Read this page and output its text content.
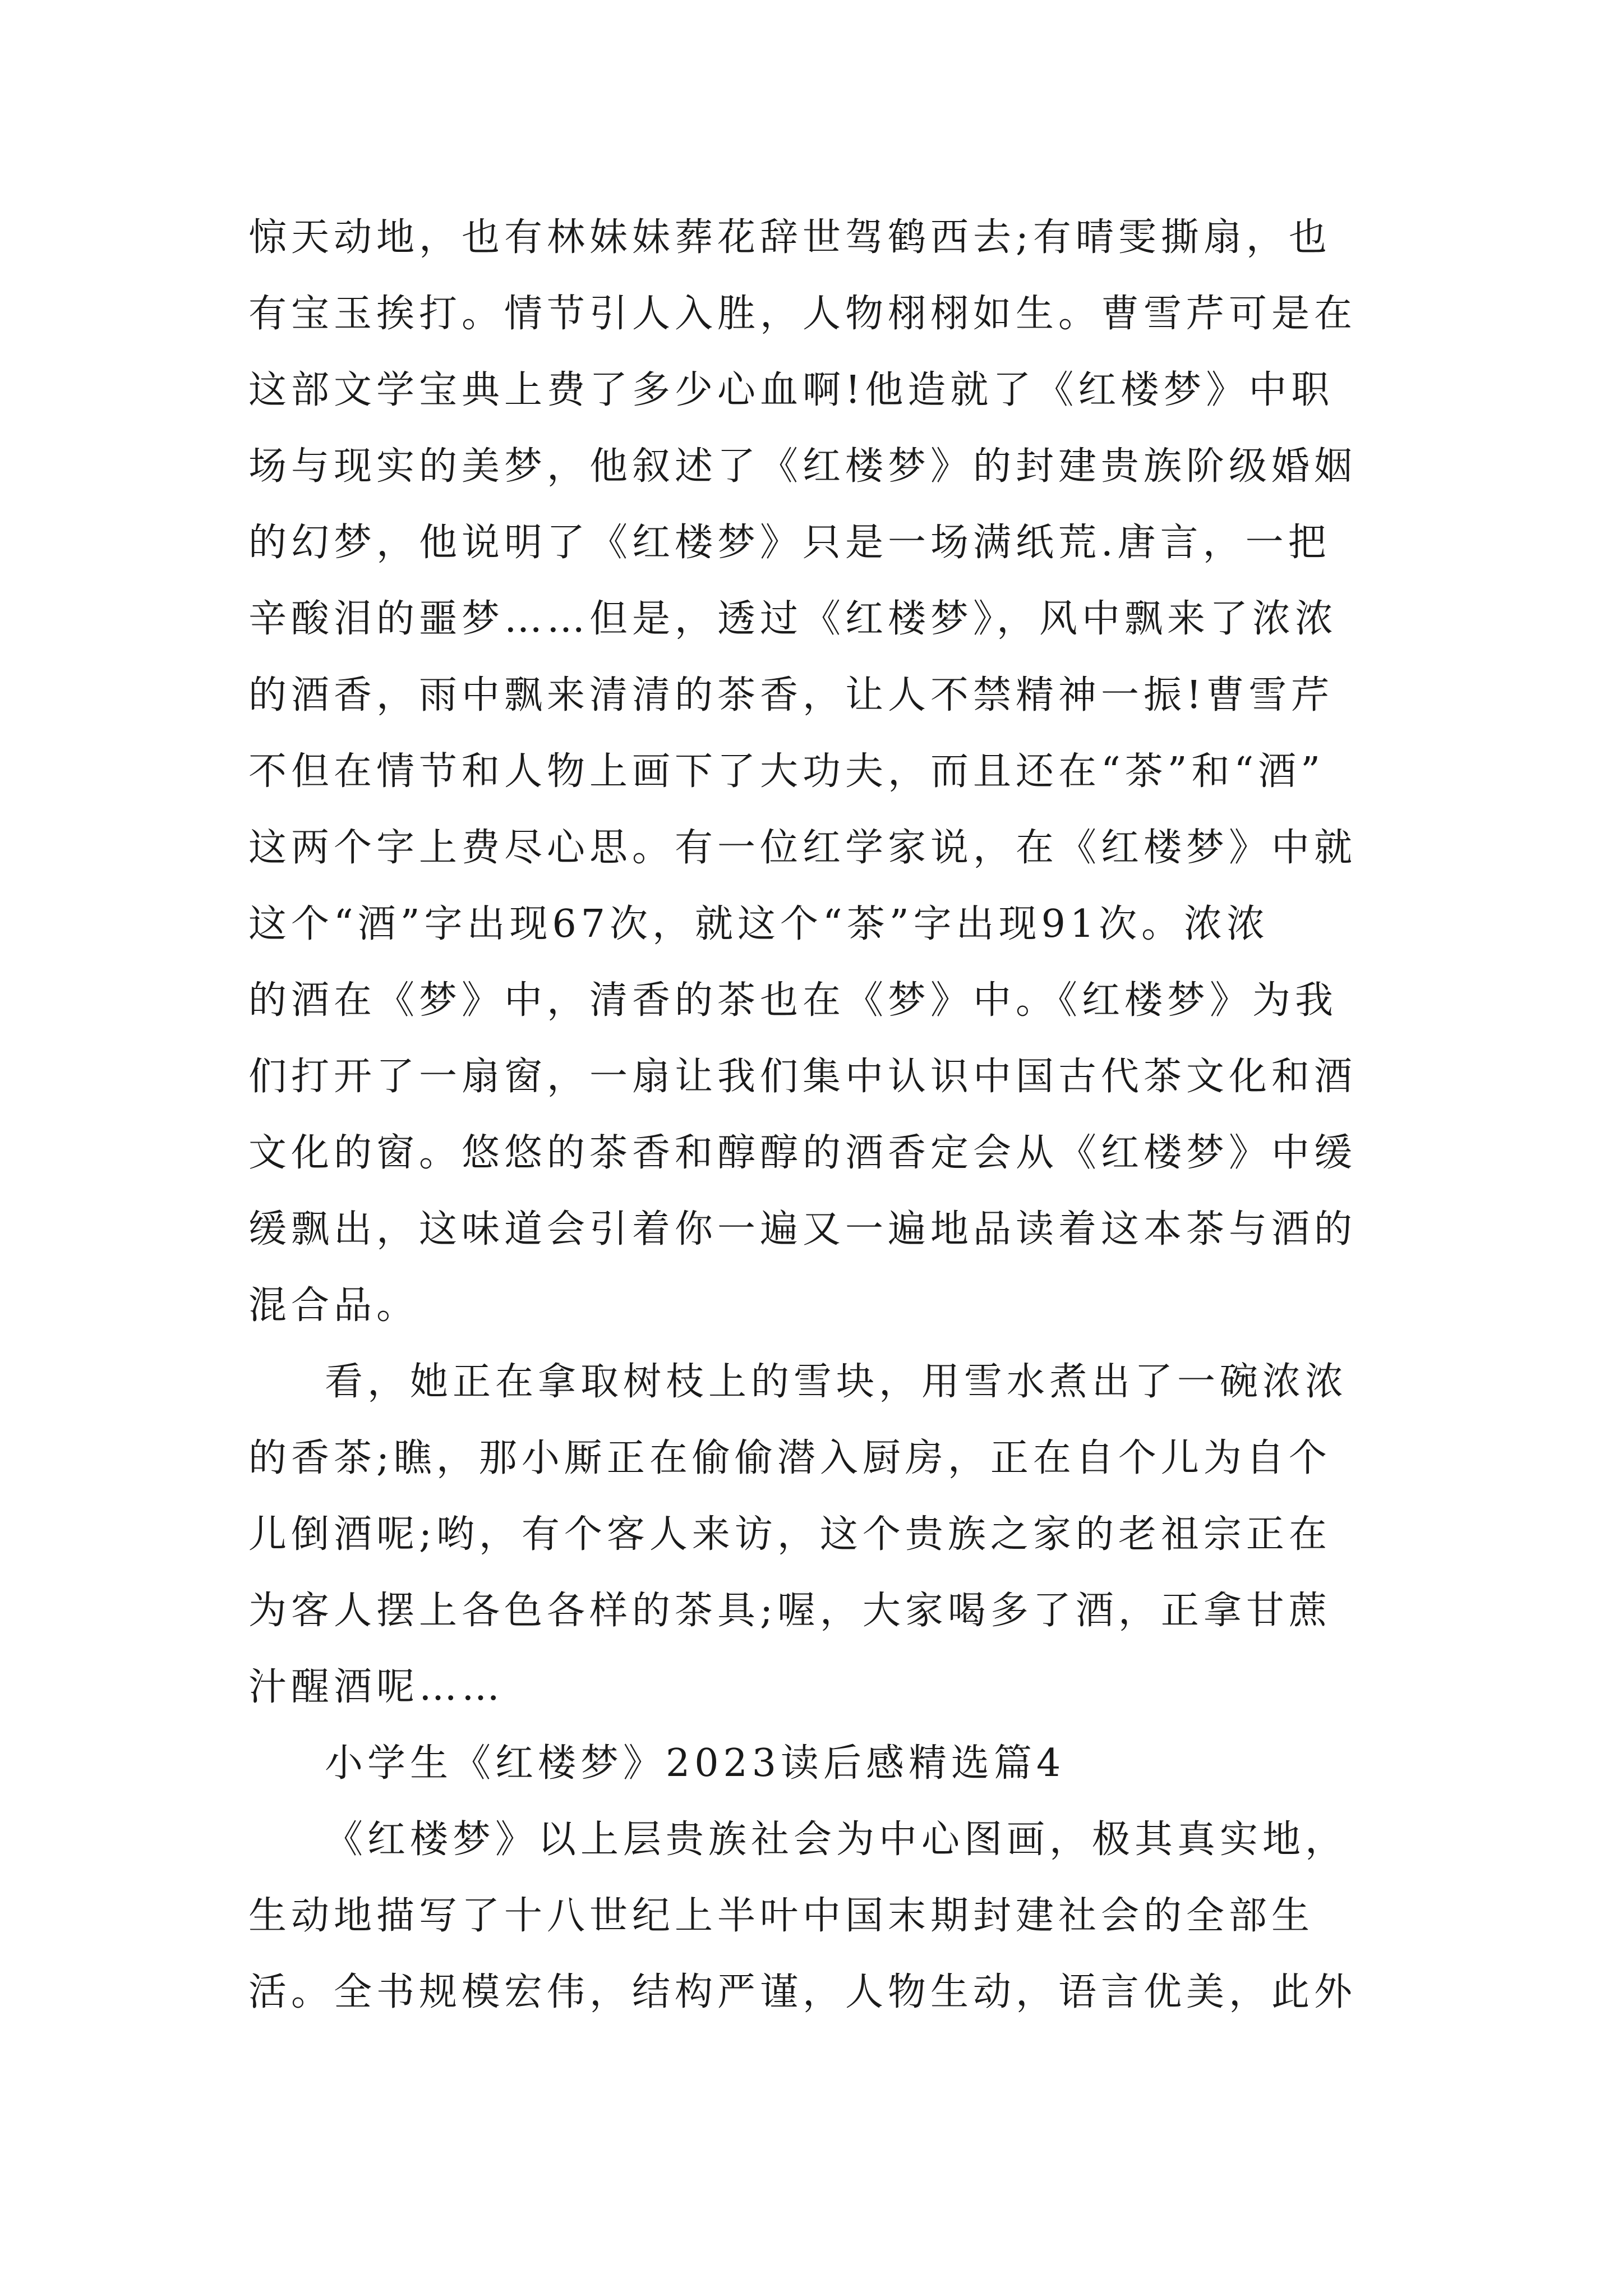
惊天动地，也有林妹妹葬花辞世驾鹤西去;有晴雯撕扇，也
有宝玉挨打。情节引人入胜，人物栩栩如生。曹雪芹可是在
这部文学宝典上费了多少心血啊!他造就了《红楼梦》中职
场与现实的美梦，他叙述了《红楼梦》的封建贵族阶级婚姻
的幻梦，他说明了《红楼梦》只是一场满纸荒.唐言，一把
辛酸泪的噩梦……但是，透过《红楼梦》，风中飘来了浓浓
的酒香，雨中飘来清清的茶香，让人不禁精神一振!曹雪芹
不但在情节和人物上画下了大功夫，而且还在“茶”和“酒”
这两个字上费尽心思。有一位红学家说，在《红楼梦》中就
这个“酒”字出现67次，就这个“茶”字出现91次。浓浓
的酒在《梦》中，清香的茶也在《梦》中。《红楼梦》为我
们打开了一扇窗，一扇让我们集中认识中国古代茶文化和酒
文化的窗。悠悠的茶香和醇醇的酒香定会从《红楼梦》中缓
缓飘出，这味道会引着你一遍又一遍地品读着这本茶与酒的
混合品。
看，她正在拿取树枝上的雪块，用雪水煮出了一碗浓浓
的香茶;瞧，那小厮正在偷偷潜入厨房，正在自个儿为自个
儿倒酒呢;哟，有个客人来访，这个贵族之家的老祖宗正在
为客人摆上各色各样的茶具;喔，大家喝多了酒，正拿甘蔗
汁醒酒呢……
小学生《红楼梦》2023读后感精选篇4
《红楼梦》以上层贵族社会为中心图画，极其真实地，
生动地描写了十八世纪上半叶中国末期封建社会的全部生
活。全书规模宏伟，结构严谨，人物生动，语言优美，此外
